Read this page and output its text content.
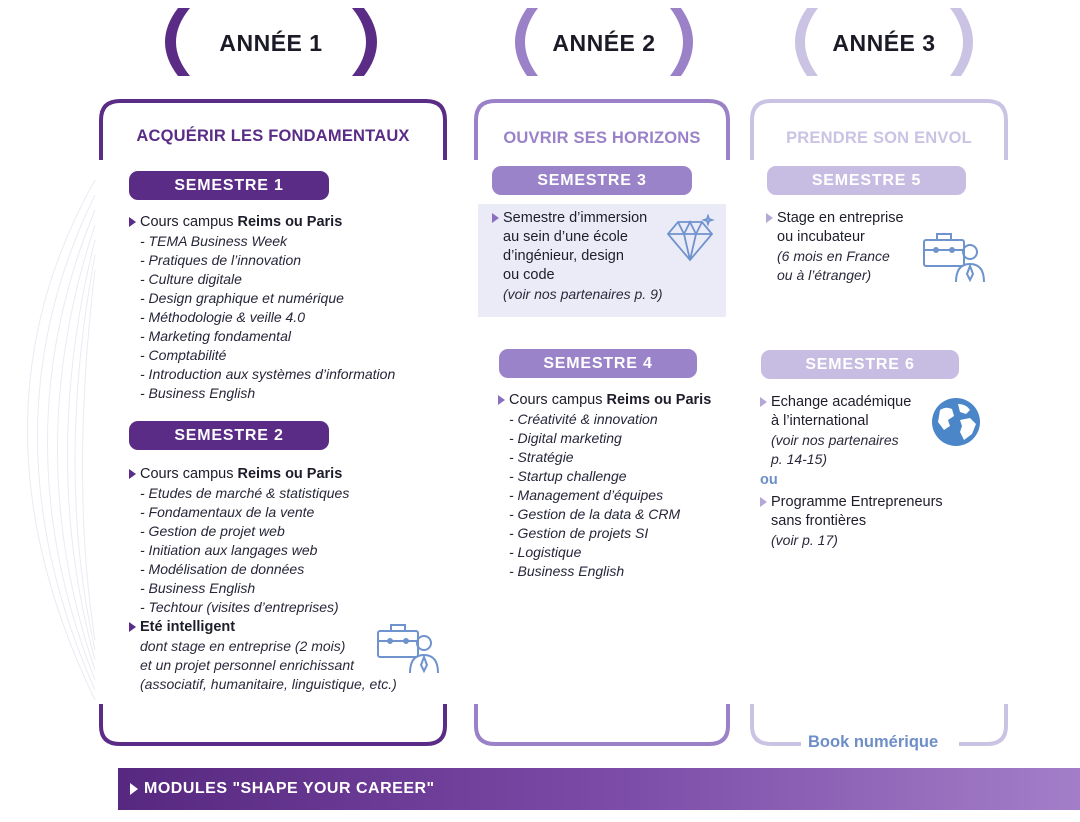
ANNÉE 1	ANNÉE 2	ANNÉE 3
ACQUÉRIR LES FONDAMENTAUX	OUVRIR SES HORIZONS	PRENDRE SON ENVOL
SEMESTRE 1
Cours campus Reims ou Paris
- TEMA Business Week
- Pratiques de l’innovation
- Culture digitale
- Design graphique et numérique
- Méthodologie & veille 4.0
- Marketing fondamental
- Comptabilité
- Introduction aux systèmes d’information
- Business English
SEMESTRE 2
Cours campus Reims ou Paris
- Etudes de marché & statistiques
- Fondamentaux de la vente
- Gestion de projet web
- Initiation aux langages web
- Modélisation de données
- Business English
- Techtour (visites d’entreprises)
Eté intelligent
dont stage en entreprise (2 mois)
et un projet personnel enrichissant
(associatif, humanitaire, linguistique, etc.)
SEMESTRE 3
Semestre d’immersion
au sein d’une école
d’ingénieur, design
ou code
(voir nos partenaires p. 9)
SEMESTRE 4
Cours campus Reims ou Paris
- Créativité & innovation
- Digital marketing
- Stratégie
- Startup challenge
- Management d’équipes
- Gestion de la data & CRM
- Gestion de projets SI
- Logistique
- Business English
SEMESTRE 5
Stage en entreprise
ou incubateur
(6 mois en France
ou à l’étranger)
SEMESTRE 6
Echange académique
à l’international
(voir nos partenaires
p. 14-15)
ou
Programme Entrepreneurs
sans frontières
(voir p. 17)
Book numérique
MODULES "SHAPE YOUR CAREER"
